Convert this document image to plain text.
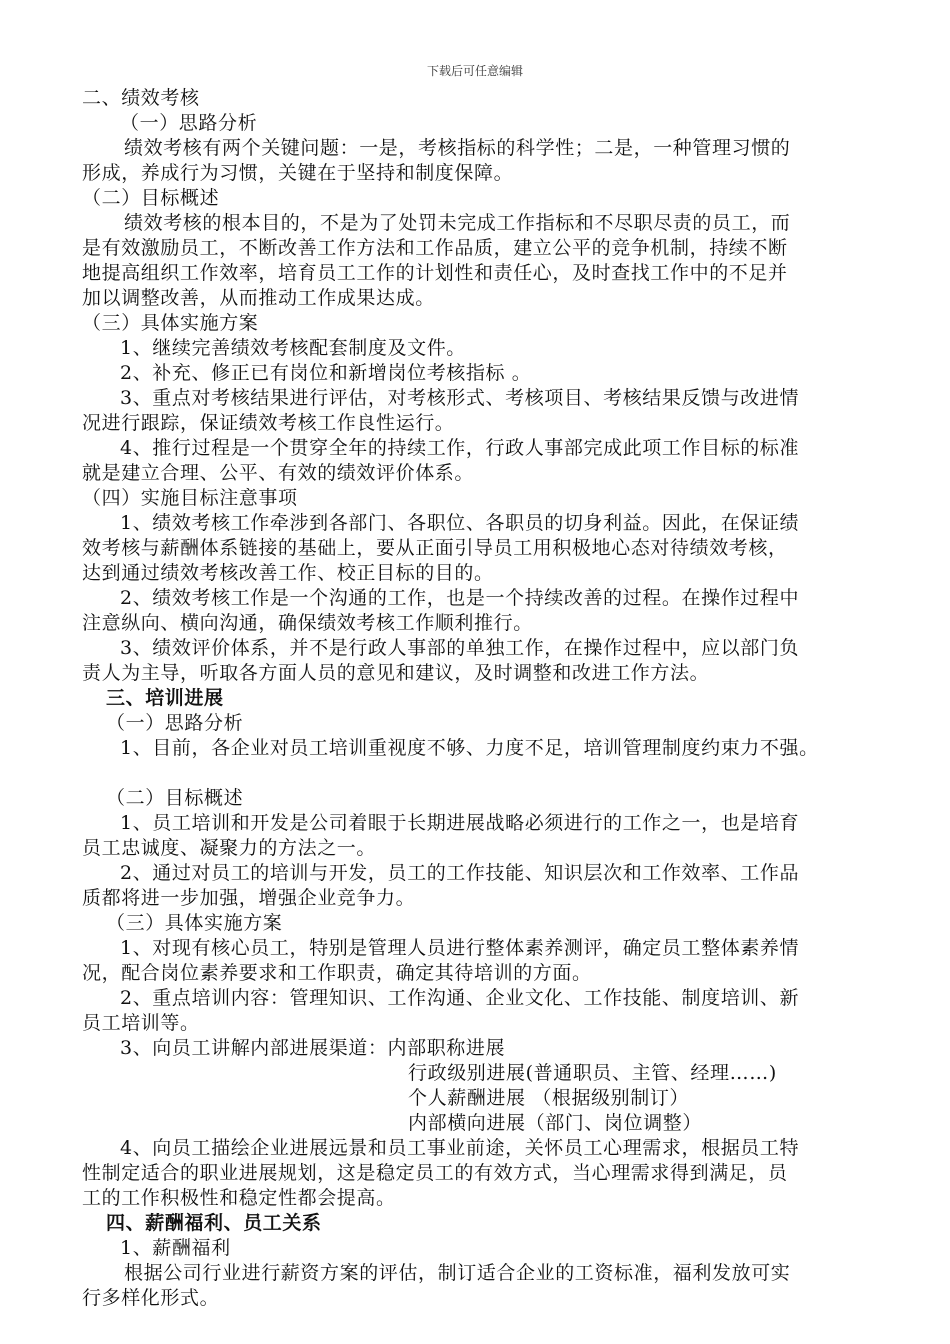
下载后可任意编辑
二、绩效考核
（一）思路分析
绩效考核有两个关键问题：一是，考核指标的科学性；二是，一种管理习惯的
形成，养成行为习惯，关键在于坚持和制度保障。
（二）目标概述
绩效考核的根本目的，不是为了处罚未完成工作指标和不尽职尽责的员工，而
是有效激励员工，不断改善工作方法和工作品质，建立公平的竞争机制，持续不断
地提高组织工作效率，培育员工工作的计划性和责任心，及时查找工作中的不足并
加以调整改善，从而推动工作成果达成。
（三）具体实施方案
1、继续完善绩效考核配套制度及文件。
2、补充、修正已有岗位和新增岗位考核指标 。
3、重点对考核结果进行评估，对考核形式、考核项目、考核结果反馈与改进情
况进行跟踪，保证绩效考核工作良性运行。
4、推行过程是一个贯穿全年的持续工作，行政人事部完成此项工作目标的标准
就是建立合理、公平、有效的绩效评价体系。
（四）实施目标注意事项
1、绩效考核工作牵涉到各部门、各职位、各职员的切身利益。因此，在保证绩
效考核与薪酬体系链接的基础上，要从正面引导员工用积极地心态对待绩效考核，
达到通过绩效考核改善工作、校正目标的目的。
2、绩效考核工作是一个沟通的工作，也是一个持续改善的过程。在操作过程中
注意纵向、横向沟通，确保绩效考核工作顺利推行。
3、绩效评价体系，并不是行政人事部的单独工作，在操作过程中，应以部门负
责人为主导，听取各方面人员的意见和建议，及时调整和改进工作方法。
三、培训进展
（一）思路分析
1、目前，各企业对员工培训重视度不够、力度不足，培训管理制度约束力不强。
（二）目标概述
1、员工培训和开发是公司着眼于长期进展战略必须进行的工作之一，也是培育
员工忠诚度、凝聚力的方法之一。
2、通过对员工的培训与开发，员工的工作技能、知识层次和工作效率、工作品
质都将进一步加强，增强企业竞争力。
（三）具体实施方案
1、对现有核心员工，特别是管理人员进行整体素养测评，确定员工整体素养情
况，配合岗位素养要求和工作职责，确定其待培训的方面。
2、重点培训内容：管理知识、工作沟通、企业文化、工作技能、制度培训、新
员工培训等。
3、向员工讲解内部进展渠道：内部职称进展
行政级别进展(普通职员、主管、经理……)
个人薪酬进展 （根据级别制订）
内部横向进展（部门、岗位调整）
4、向员工描绘企业进展远景和员工事业前途，关怀员工心理需求，根据员工特
性制定适合的职业进展规划，这是稳定员工的有效方式，当心理需求得到满足，员
工的工作积极性和稳定性都会提高。
四、薪酬福利、员工关系
1、薪酬福利
根据公司行业进行薪资方案的评估，制订适合企业的工资标准，福利发放可实
行多样化形式。
